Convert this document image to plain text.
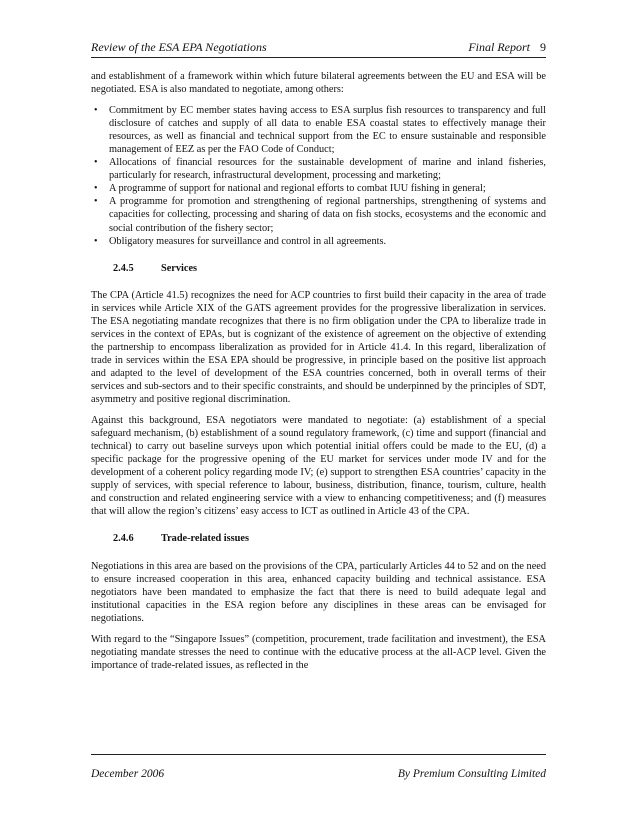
Review of the ESA EPA Negotiations	Final Report 9

and establishment of a framework within which future bilateral agreements between the EU and ESA will be negotiated. ESA is also mandated to negotiate, among others:

• Commitment by EC member states having access to ESA surplus fish resources to transparency and full disclosure of catches and supply of all data to enable ESA coastal states to effectively manage their resources, as well as financial and technical support from the EC to ensure sustainable and responsible management of EEZ as per the FAO Code of Conduct;
• Allocations of financial resources for the sustainable development of marine and inland fisheries, particularly for research, infrastructural development, processing and marketing;
• A programme of support for national and regional efforts to combat IUU fishing in general;
• A programme for promotion and strengthening of regional partnerships, strengthening of systems and capacities for collecting, processing and sharing of data on fish stocks, ecosystems and the economic and social contribution of the fishery sector;
• Obligatory measures for surveillance and control in all agreements.
2.4.5	Services

The CPA (Article 41.5) recognizes the need for ACP countries to first build their capacity in the area of trade in services while Article XIX of the GATS agreement provides for the progressive liberalization in services. The ESA negotiating mandate recognizes that there is no firm obligation under the CPA to liberalize trade in services in the context of EPAs, but is cognizant of the existence of agreement on the objective of extending the partnership to encompass liberalization as provided for in Article 41.4. In this regard, liberalization of trade in services within the ESA EPA should be progressive, in principle based on the positive list approach and adapted to the level of development of the ESA countries concerned, both in overall terms of their services and sub-sectors and to their specific constraints, and should be underpinned by the principles of SDT, asymmetry and positive regional discrimination.

Against this background, ESA negotiators were mandated to negotiate: (a) establishment of a special safeguard mechanism, (b) establishment of a sound regulatory framework, (c) time and support (financial and technical) to carry out baseline surveys upon which potential initial offers could be made to the EU, (d) a specific package for the progressive opening of the EU market for services under mode IV and for the development of a coherent policy regarding mode IV; (e) support to strengthen ESA countries’ capacity in the supply of services, with special reference to labour, business, distribution, finance, tourism, culture, health and construction and related engineering service with a view to enhancing competitiveness; and (f) measures that will allow the region’s citizens’ easy access to ICT as outlined in Article 43 of the CPA.

2.4.6	Trade-related issues

Negotiations in this area are based on the provisions of the CPA, particularly Articles 44 to 52 and on the need to ensure increased cooperation in this area, enhanced capacity building and technical assistance. ESA negotiators have been mandated to emphasize the fact that there is need to build adequate legal and institutional capacities in the ESA region before any disciplines in these areas can be envisaged for negotiations.

With regard to the “Singapore Issues” (competition, procurement, trade facilitation and investment), the ESA negotiating mandate stresses the need to continue with the educative process at the all-ACP level. Given the importance of trade-related issues, as reflected in the

December 2006	By Premium Consulting Limited
